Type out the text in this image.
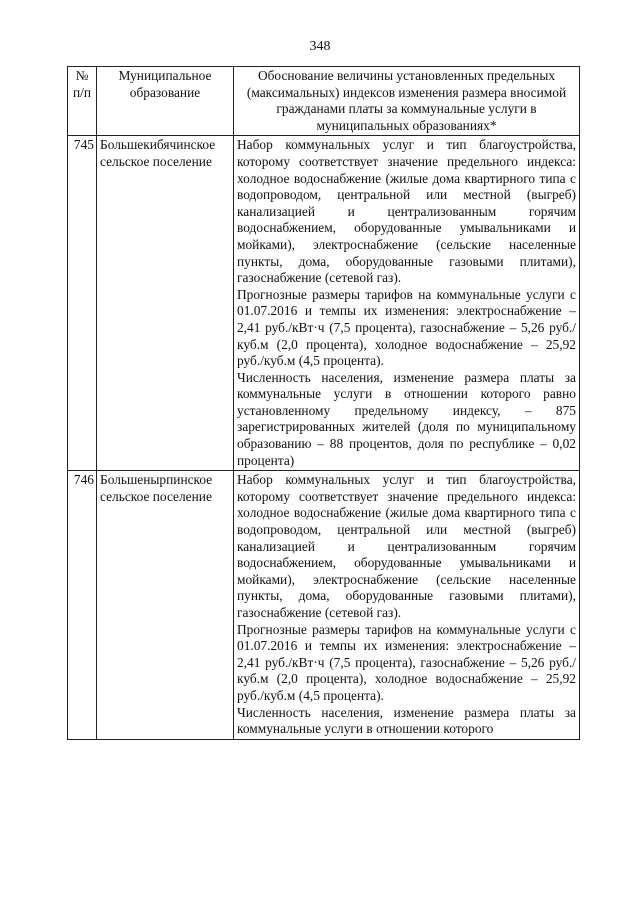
348
№ п/п	Муниципальное образование	Обоснование величины установленных предельных (максимальных) индексов изменения размера вносимой гражданами платы за коммунальные услуги в муниципальных образованиях*
745	Большекибячинское сельское поселение	Набор коммунальных услуг и тип благоустройства, которому соответствует значение предельного индекса: холодное водоснабжение (жилые дома квартирного типа с водопроводом, центральной или местной (выгреб) канализацией и централизованным горячим водоснабжением, оборудованные умывальниками и мойками), электроснабжение (сельские населенные пункты, дома, оборудованные газовыми плитами), газоснабжение (сетевой газ).

Прогнозные размеры тарифов на коммунальные услуги с 01.07.2016 и темпы их изменения: электроснабжение – 2,41 руб./кВт·ч (7,5 процента), газоснабжение – 5,26 руб./куб.м (2,0 процента), холодное водоснабжение – 25,92 руб./куб.м (4,5 процента).

Численность населения, изменение размера платы за коммунальные услуги в отношении которого равно установленному предельному индексу, – 875 зарегистрированных жителей (доля по муниципальному образованию – 88 процентов, доля по республике – 0,02 процента)

746	Большенырпинское сельское поселение	Набор коммунальных услуг и тип благоустройства, которому соответствует значение предельного индекса: холодное водоснабжение (жилые дома квартирного типа с водопроводом, центральной или местной (выгреб) канализацией и централизованным горячим водоснабжением, оборудованные умывальниками и мойками), электроснабжение (сельские населенные пункты, дома, оборудованные газовыми плитами), газоснабжение (сетевой газ).

Прогнозные размеры тарифов на коммунальные услуги с 01.07.2016 и темпы их изменения: электроснабжение – 2,41 руб./кВт·ч (7,5 процента), газоснабжение – 5,26 руб./куб.м (2,0 процента), холодное водоснабжение – 25,92 руб./куб.м (4,5 процента).

Численность населения, изменение размера платы за коммунальные услуги в отношении которого
